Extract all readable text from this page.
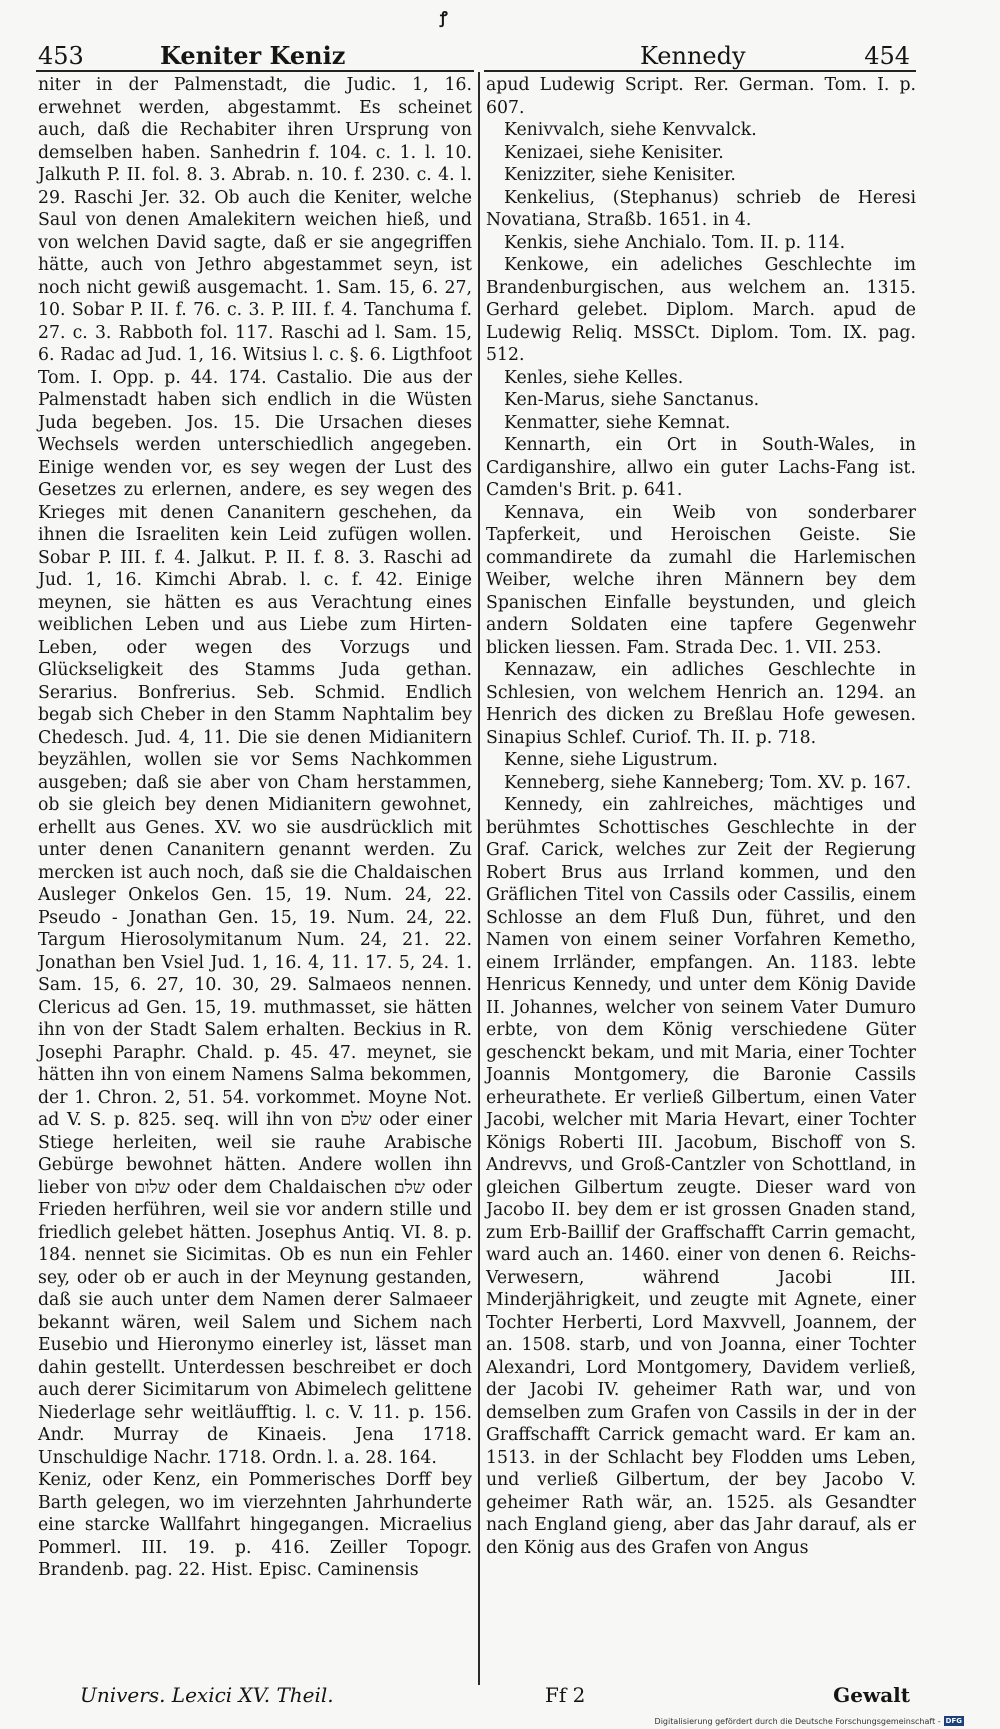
ꝭ
453	Keniter Keniz	Kennedy	454

niter in der Palmenstadt, die Judic. 1, 16. erwehnet werden, abgestammt. Es scheinet auch, daß die Rechabiter ihren Ursprung von demselben haben. Sanhedrin f. 104. c. 1. l. 10. Jalkuth P. II. fol. 8. 3. Abrab. n. 10. f. 230. c. 4. l. 29. Raschi Jer. 32. Ob auch die Keniter, welche Saul von denen Amalekitern weichen hieß, und von welchen David sagte, daß er sie angegriffen hätte, auch von Jethro abgestammet seyn, ist noch nicht gewiß ausgemacht. 1. Sam. 15, 6. 27, 10. Sobar P. II. f. 76. c. 3. P. III. f. 4. Tanchuma f. 27. c. 3. Rabboth fol. 117. Raschi ad l. Sam. 15, 6. Radac ad Jud. 1, 16. Witsius l. c. §. 6. Ligthfoot Tom. I. Opp. p. 44. 174. Castalio. Die aus der Palmenstadt haben sich endlich in die Wüsten Juda begeben. Jos. 15. Die Ursachen dieses Wechsels werden unterschiedlich angegeben. Einige wenden vor, es sey wegen der Lust des Gesetzes zu erlernen, andere, es sey wegen des Krieges mit denen Cananitern geschehen, da ihnen die Israeliten kein Leid zufügen wollen. Sobar P. III. f. 4. Jalkut. P. II. f. 8. 3. Raschi ad Jud. 1, 16. Kimchi Abrab. l. c. f. 42. Einige meynen, sie hätten es aus Verachtung eines weiblichen Leben und aus Liebe zum Hirten-Leben, oder wegen des Vorzugs und Glückseligkeit des Stamms Juda gethan. Serarius. Bonfrerius. Seb. Schmid. Endlich begab sich Cheber in den Stamm Naphtalim bey Chedesch. Jud. 4, 11. Die sie denen Midianitern beyzählen, wollen sie vor Sems Nachkommen ausgeben; daß sie aber von Cham herstammen, ob sie gleich bey denen Midianitern gewohnet, erhellt aus Genes. XV. wo sie ausdrücklich mit unter denen Cananitern genannt werden. Zu mercken ist auch noch, daß sie die Chaldaischen Ausleger Onkelos Gen. 15, 19. Num. 24, 22. Pseudo - Jonathan Gen. 15, 19. Num. 24, 22. Targum Hierosolymitanum Num. 24, 21. 22. Jonathan ben Vsiel Jud. 1, 16. 4, 11. 17. 5, 24. 1. Sam. 15, 6. 27, 10. 30, 29. Salmaeos nennen. Clericus ad Gen. 15, 19. muthmasset, sie hätten ihn von der Stadt Salem erhalten. Beckius in R. Josephi Paraphr. Chald. p. 45. 47. meynet, sie hätten ihn von einem Namens Salma bekommen, der 1. Chron. 2, 51. 54. vorkommet. Moyne Not. ad V. S. p. 825. seq. will ihn von שלם oder einer Stiege herleiten, weil sie rauhe Arabische Gebürge bewohnet hätten. Andere wollen ihn lieber von שלום oder dem Chaldaischen שלם oder Frieden herführen, weil sie vor andern stille und friedlich gelebet hätten. Josephus Antiq. VI. 8. p. 184. nennet sie Sicimitas. Ob es nun ein Fehler sey, oder ob er auch in der Meynung gestanden, daß sie auch unter dem Namen derer Salmaeer bekannt wären, weil Salem und Sichem nach Eusebio und Hieronymo einerley ist, lässet man dahin gestellt. Unterdessen beschreibet er doch auch derer Sicimitarum von Abimelech gelittene Niederlage sehr weitläufftig. l. c. V. 11. p. 156. Andr. Murray de Kinaeis. Jena 1718. Unschuldige Nachr. 1718. Ordn. l. a. 28. 164.

Keniz, oder Kenz, ein Pommerisches Dorff bey Barth gelegen, wo im vierzehnten Jahrhunderte eine starcke Wallfahrt hingegangen. Micraelius Pommerl. III. 19. p. 416. Zeiller Topogr. Brandenb. pag. 22. Hist. Episc. Caminensis

apud Ludewig Script. Rer. German. Tom. I. p. 607.

Kenivvalch, siehe Kenvvalck.

Kenizaei, siehe Kenisiter.

Kenizziter, siehe Kenisiter.

Kenkelius, (Stephanus) schrieb de Heresi Novatiana, Straßb. 1651. in 4.

Kenkis, siehe Anchialo. Tom. II. p. 114.

Kenkowe, ein adeliches Geschlechte im Brandenburgischen, aus welchem an. 1315. Gerhard gelebet. Diplom. March. apud de Ludewig Reliq. MSSCt. Diplom. Tom. IX. pag. 512.

Kenles, siehe Kelles.

Ken-Marus, siehe Sanctanus.

Kenmatter, siehe Kemnat.

Kennarth, ein Ort in South-Wales, in Cardiganshire, allwo ein guter Lachs-Fang ist. Camden's Brit. p. 641.

Kennava, ein Weib von sonderbarer Tapferkeit, und Heroischen Geiste. Sie commandirete da zumahl die Harlemischen Weiber, welche ihren Männern bey dem Spanischen Einfalle beystunden, und gleich andern Soldaten eine tapfere Gegenwehr blicken liessen. Fam. Strada Dec. 1. VII. 253.

Kennazaw, ein adliches Geschlechte in Schlesien, von welchem Henrich an. 1294. an Henrich des dicken zu Breßlau Hofe gewesen. Sinapius Schlef. Curiof. Th. II. p. 718.

Kenne, siehe Ligustrum.

Kenneberg, siehe Kanneberg; Tom. XV. p. 167.

Kennedy, ein zahlreiches, mächtiges und berühmtes Schottisches Geschlechte in der Graf. Carick, welches zur Zeit der Regierung Robert Brus aus Irrland kommen, und den Gräflichen Titel von Cassils oder Cassilis, einem Schlosse an dem Fluß Dun, führet, und den Namen von einem seiner Vorfahren Kemetho, einem Irrländer, empfangen. An. 1183. lebte Henricus Kennedy, und unter dem König Davide II. Johannes, welcher von seinem Vater Dumuro erbte, von dem König verschiedene Güter geschenckt bekam, und mit Maria, einer Tochter Joannis Montgomery, die Baronie Cassils erheurathete. Er verließ Gilbertum, einen Vater Jacobi, welcher mit Maria Hevart, einer Tochter Königs Roberti III. Jacobum, Bischoff von S. Andrevvs, und Groß-Cantzler von Schottland, in gleichen Gilbertum zeugte. Dieser ward von Jacobo II. bey dem er ist grossen Gnaden stand, zum Erb-Baillif der Graffschafft Carrin gemacht, ward auch an. 1460. einer von denen 6. Reichs-Verwesern, während Jacobi III. Minderjährigkeit, und zeugte mit Agnete, einer Tochter Herberti, Lord Maxvvell, Joannem, der an. 1508. starb, und von Joanna, einer Tochter Alexandri, Lord Montgomery, Davidem verließ, der Jacobi IV. geheimer Rath war, und von demselben zum Grafen von Cassils in der in der Graffschafft Carrick gemacht ward. Er kam an. 1513. in der Schlacht bey Flodden ums Leben, und verließ Gilbertum, der bey Jacobo V. geheimer Rath wär, an. 1525. als Gesandter nach England gieng, aber das Jahr darauf, als er den König aus des Grafen von Angus

Univers. Lexici XV. Theil.	Ff 2	Gewalt
Digitalisierung gefördert durch die Deutsche Forschungsgemeinschaft - DFG
